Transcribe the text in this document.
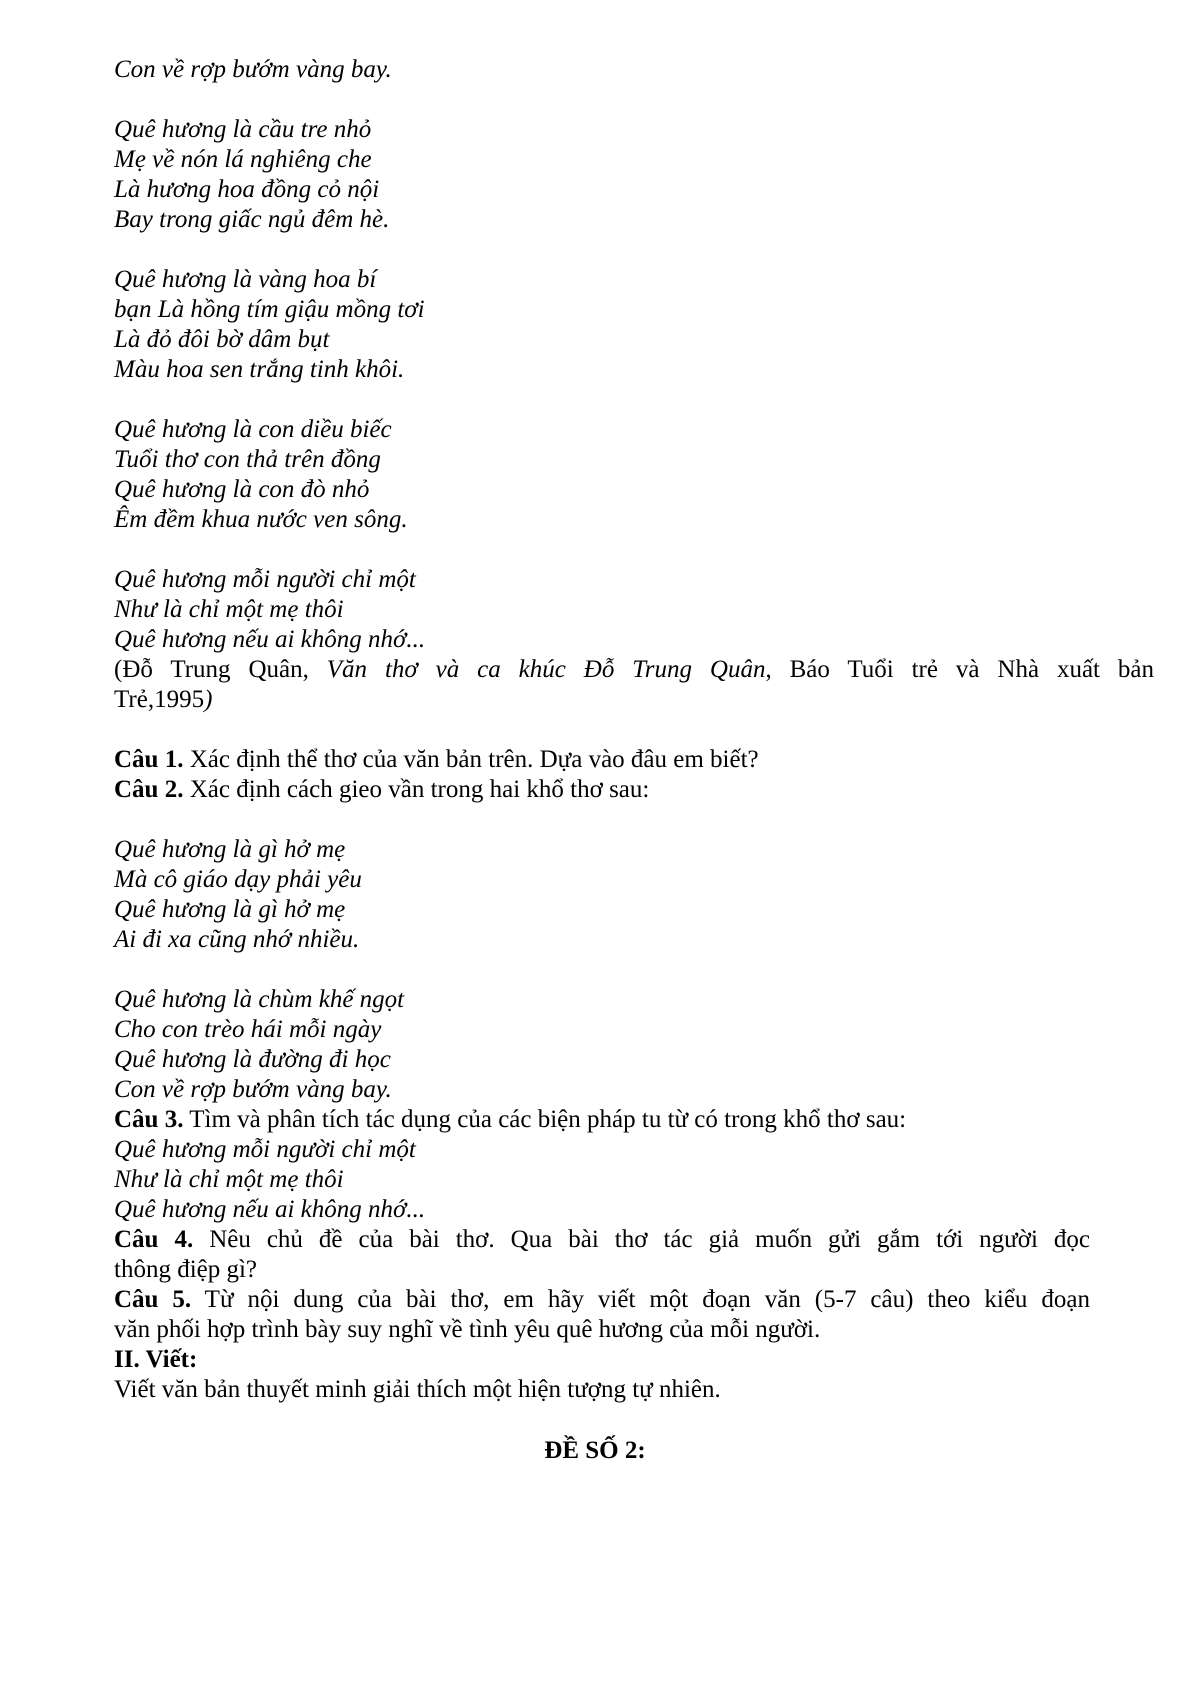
Con về rợp bướm vàng bay.
Quê hương là cầu tre nhỏ
Mẹ về nón lá nghiêng che
Là hương hoa đồng cỏ nội
Bay trong giấc ngủ đêm hè.
Quê hương là vàng hoa bí
bạn Là hồng tím giậu mồng tơi
Là đỏ đôi bờ dâm bụt
Màu hoa sen trắng tinh khôi.
Quê hương là con diều biếc
Tuổi thơ con thả trên đồng
Quê hương là con đò nhỏ
Êm đềm khua nước ven sông.
Quê hương mỗi người chỉ một
Như là chỉ một mẹ thôi
Quê hương nếu ai không nhớ...
(Đỗ Trung Quân, Văn thơ và ca khúc Đỗ Trung Quân, Báo Tuổi trẻ và Nhà xuất bản
Trẻ,1995)
Câu 1. Xác định thể thơ của văn bản trên. Dựa vào đâu em biết?
Câu 2. Xác định cách gieo vần trong hai khổ thơ sau:
Quê hương là gì hở mẹ
Mà cô giáo dạy phải yêu
Quê hương là gì hở mẹ
Ai đi xa cũng nhớ nhiều.
Quê hương là chùm khế ngọt
Cho con trèo hái mỗi ngày
Quê hương là đường đi học
Con về rợp bướm vàng bay.
Câu 3. Tìm và phân tích tác dụng của các biện pháp tu từ có trong khổ thơ sau:
Quê hương mỗi người chỉ một
Như là chỉ một mẹ thôi
Quê hương nếu ai không nhớ...
Câu 4. Nêu chủ đề của bài thơ. Qua bài thơ tác giả muốn gửi gắm tới người đọc
thông điệp gì?
Câu 5. Từ nội dung của bài thơ, em hãy viết một đoạn văn (5-7 câu) theo kiểu đoạn
văn phối hợp trình bày suy nghĩ về tình yêu quê hương của mỗi người.
II. Viết:
Viết văn bản thuyết minh giải thích một hiện tượng tự nhiên.
ĐỀ SỐ 2:
